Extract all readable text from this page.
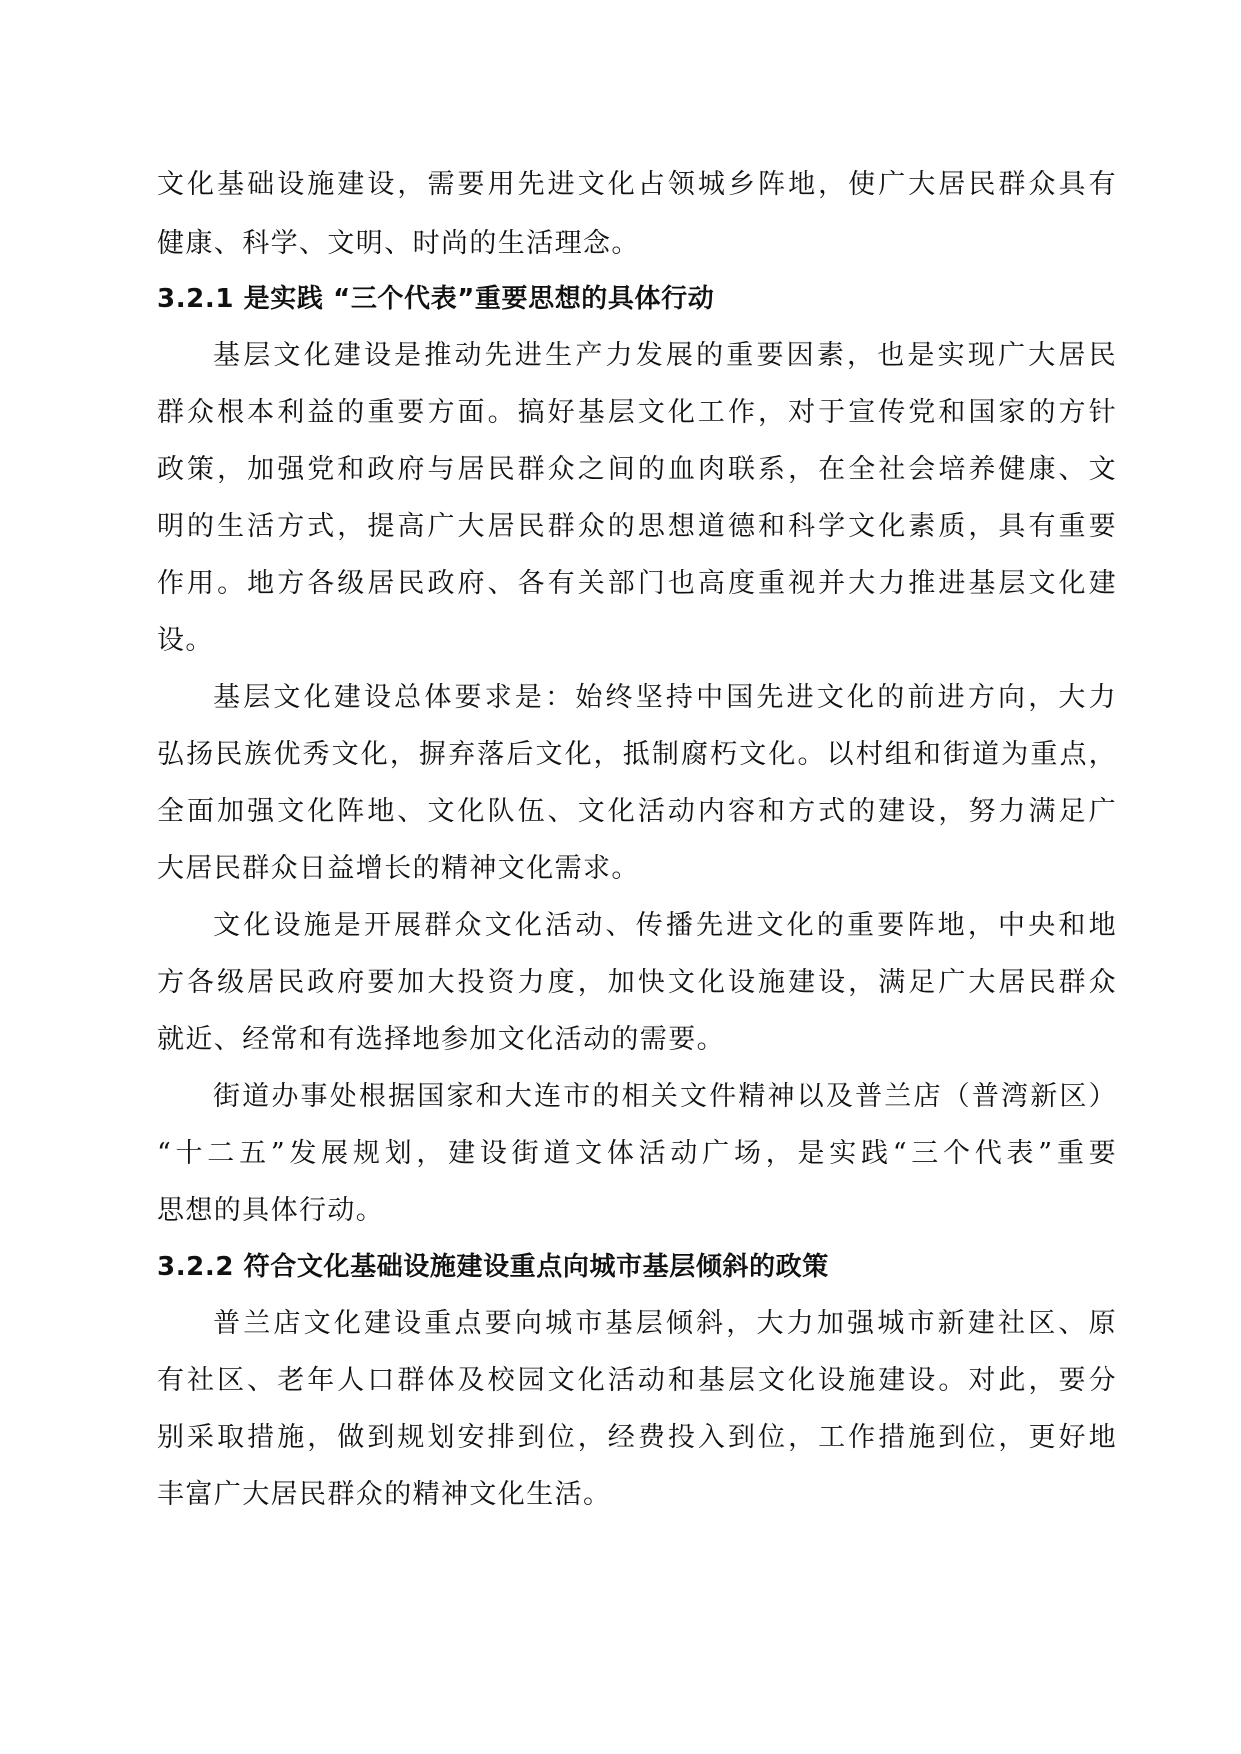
文化基础设施建设，需要用先进文化占领城乡阵地，使广大居民群众具有
健康、科学、文明、时尚的生活理念。
3.2.1 是实践 “三个代表”重要思想的具体行动
基层文化建设是推动先进生产力发展的重要因素，也是实现广大居民
群众根本利益的重要方面。搞好基层文化工作，对于宣传党和国家的方针
政策，加强党和政府与居民群众之间的血肉联系，在全社会培养健康、文
明的生活方式，提高广大居民群众的思想道德和科学文化素质，具有重要
作用。地方各级居民政府、各有关部门也高度重视并大力推进基层文化建
设。
基层文化建设总体要求是：始终坚持中国先进文化的前进方向，大力
弘扬民族优秀文化，摒弃落后文化，抵制腐朽文化。以村组和街道为重点，
全面加强文化阵地、文化队伍、文化活动内容和方式的建设，努力满足广
大居民群众日益增长的精神文化需求。
文化设施是开展群众文化活动、传播先进文化的重要阵地，中央和地
方各级居民政府要加大投资力度，加快文化设施建设，满足广大居民群众
就近、经常和有选择地参加文化活动的需要。
街道办事处根据国家和大连市的相关文件精神以及普兰店（普湾新区）
“十二五”发展规划，建设街道文体活动广场，是实践“三个代表”重要
思想的具体行动。
3.2.2 符合文化基础设施建设重点向城市基层倾斜的政策
普兰店文化建设重点要向城市基层倾斜，大力加强城市新建社区、原
有社区、老年人口群体及校园文化活动和基层文化设施建设。对此，要分
别采取措施，做到规划安排到位，经费投入到位，工作措施到位，更好地
丰富广大居民群众的精神文化生活。
